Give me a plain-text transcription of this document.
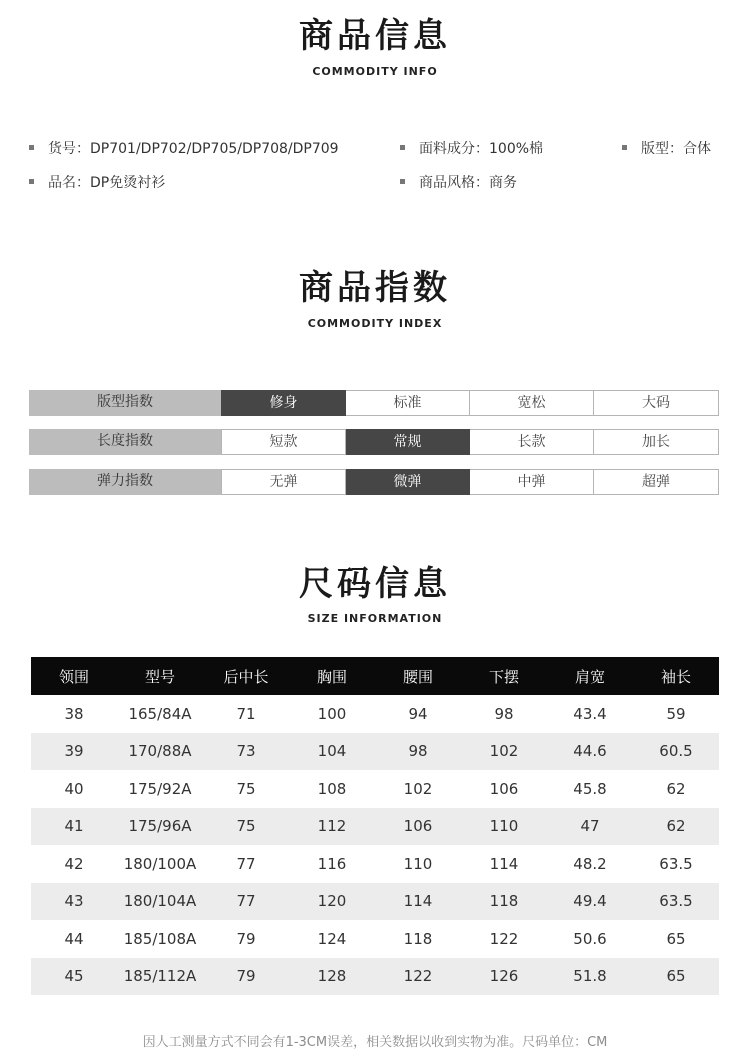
商品信息
COMMODITY INFO
货号：DP701/DP702/DP705/DP708/DP709	面料成分：100%棉	版型：合体
品名：DP免烫衬衫	商品风格：商务
商品指数
COMMODITY INDEX
版型指数	修身	标准	宽松	大码
长度指数	短款	常规	长款	加长
弹力指数	无弹	微弹	中弹	超弹
尺码信息
SIZE INFORMATION
领围	型号	后中长	胸围	腰围	下摆	肩宽	袖长
38	165/84A	71	100	94	98	43.4	59
39	170/88A	73	104	98	102	44.6	60.5
40	175/92A	75	108	102	106	45.8	62
41	175/96A	75	112	106	110	47	62
42	180/100A	77	116	110	114	48.2	63.5
43	180/104A	77	120	114	118	49.4	63.5
44	185/108A	79	124	118	122	50.6	65
45	185/112A	79	128	122	126	51.8	65
因人工测量方式不同会有1-3CM误差，相关数据以收到实物为准。尺码单位：CM
